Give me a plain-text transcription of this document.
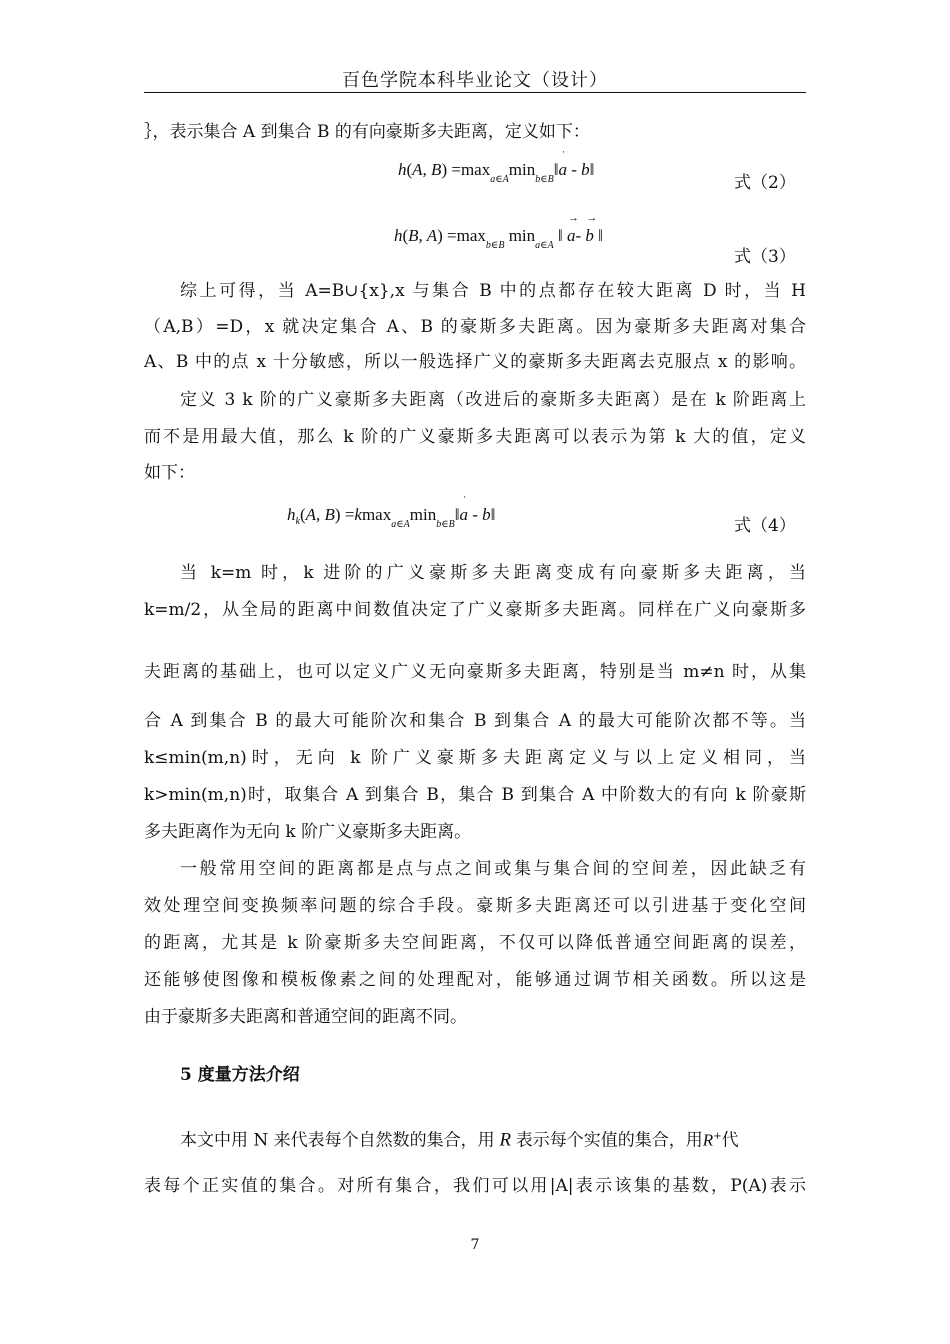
百色学院本科毕业论文（设计）
｝，表示集合 A 到集合 B 的有向豪斯多夫距离，定义如下：
h(A, $B) =\max_{a\in A}\min_{b\in B}‖˙$ a - b‖
式（2）
h(B, $A) =\max_{b\in B}$ $\min_{a\in A}$ ‖ → a- → b ‖
式（3）
综上可得，当 A=B∪{x},x 与集合 B 中的点都存在较大距离 D 时，当 H
（A,B）=D，x 就决定集合 A、B 的豪斯多夫距离。因为豪斯多夫距离对集合
A、B 中的点 x 十分敏感，所以一般选择广义的豪斯多夫距离去克服点 x 的影响。
定义 3 k 阶的广义豪斯多夫距离（改进后的豪斯多夫距离）是在 k 阶距离上
而不是用最大值，那么 k 阶的广义豪斯多夫距离可以表示为第 k 大的值，定义
如下：
$h_k(A$, $B) =kmax_{a\in A}\min_{b\in B}‖˙$ a - b‖
式（4）
当 k=m 时，k 进阶的广义豪斯多夫距离变成有向豪斯多夫距离，当
k=m/2，从全局的距离中间数值决定了广义豪斯多夫距离。同样在广义向豪斯多
夫距离的基础上，也可以定义广义无向豪斯多夫距离，特别是当 m≠n 时，从集
合 A 到集合 B 的最大可能阶次和集合 B 到集合 A 的最大可能阶次都不等。当
k≤min(m,n)时，无向 k 阶广义豪斯多夫距离定义与以上定义相同，当
k>min(m,n)时，取集合 A 到集合 B，集合 B 到集合 A 中阶数大的有向 k 阶豪斯
多夫距离作为无向 k 阶广义豪斯多夫距离。
一般常用空间的距离都是点与点之间或集与集合间的空间差，因此缺乏有
效处理空间变换频率问题的综合手段。豪斯多夫距离还可以引进基于变化空间
的距离，尤其是 k 阶豪斯多夫空间距离，不仅可以降低普通空间距离的误差，
还能够使图像和模板像素之间的处理配对，能够通过调节相关函数。所以这是
由于豪斯多夫距离和普通空间的距离不同。
5 度量方法介绍
本文中用 N 来代表每个自然数的集合，用 R 表示每个实值的集合，用R+代
表每个正实值的集合。对所有集合，我们可以用|A|表示该集的基数，P(A)表示
7
